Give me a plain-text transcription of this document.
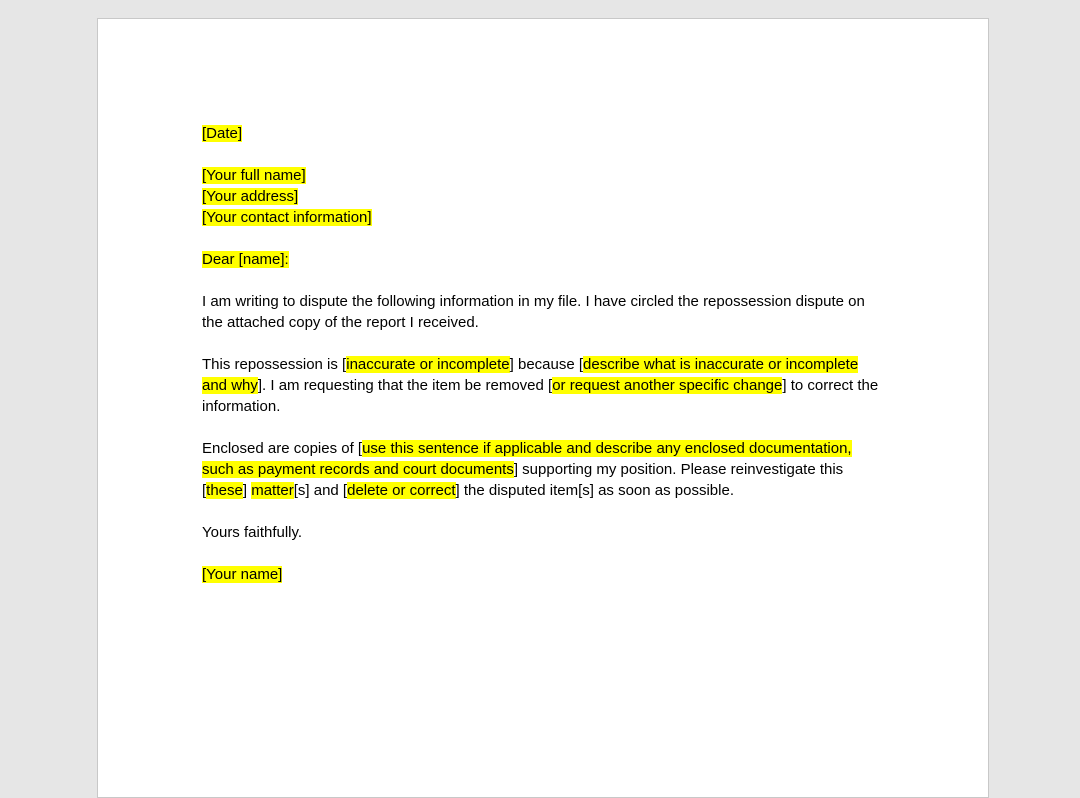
[Date]

[Your full name]

[Your address]

[Your contact information]

Dear [name]:

I am writing to dispute the following information in my file. I have circled the repossession dispute on the attached copy of the report I received.

This repossession is [inaccurate or incomplete] because [describe what is inaccurate or incomplete and why]. I am requesting that the item be removed [or request another specific change] to correct the information.

Enclosed are copies of [use this sentence if applicable and describe any enclosed documentation, such as payment records and court documents] supporting my position. Please reinvestigate this [these] matter[s] and [delete or correct] the disputed item[s] as soon as possible.

Yours faithfully.

[Your name]
